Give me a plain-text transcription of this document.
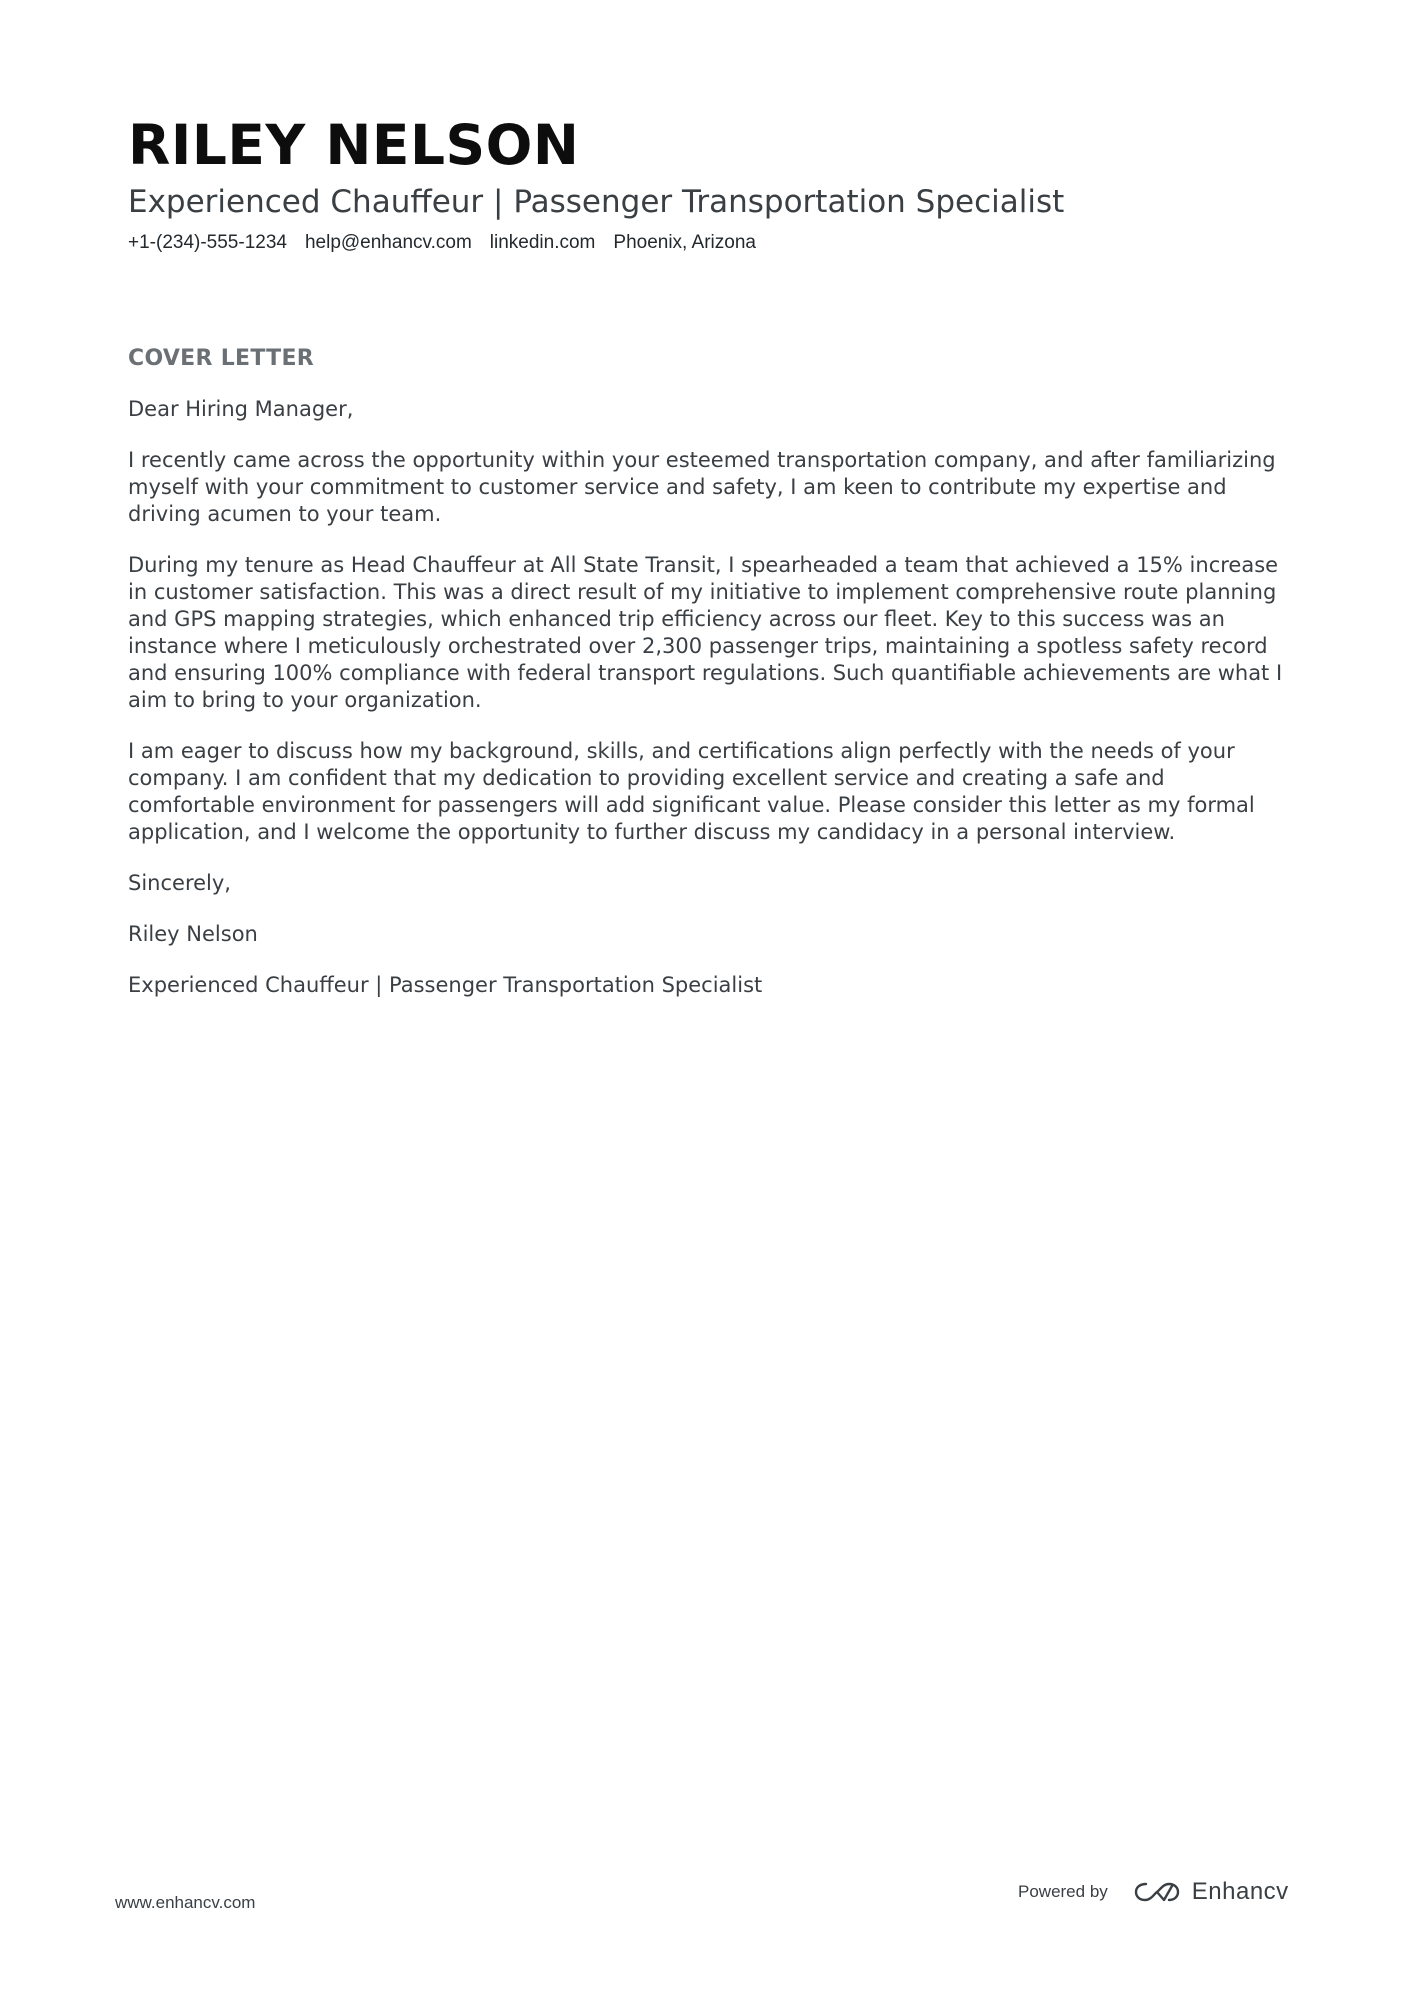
RILEY NELSON

Experienced Chauffeur | Passenger Transportation Specialist

+1-(234)-555-1234 help@enhancv.com linkedin.com Phoenix, Arizona
COVER LETTER

Dear Hiring Manager,

I recently came across the opportunity within your esteemed transportation company, and after familiarizing myself with your commitment to customer service and safety, I am keen to contribute my expertise and driving acumen to your team.

During my tenure as Head Chauffeur at All State Transit, I spearheaded a team that achieved a 15% increase in customer satisfaction. This was a direct result of my initiative to implement comprehensive route planning and GPS mapping strategies, which enhanced trip efficiency across our fleet. Key to this success was an instance where I meticulously orchestrated over 2,300 passenger trips, maintaining a spotless safety record and ensuring 100% compliance with federal transport regulations. Such quantifiable achievements are what I aim to bring to your organization.

I am eager to discuss how my background, skills, and certifications align perfectly with the needs of your company. I am confident that my dedication to providing excellent service and creating a safe and comfortable environment for passengers will add significant value. Please consider this letter as my formal application, and I welcome the opportunity to further discuss my candidacy in a personal interview.

Sincerely,

Riley Nelson

Experienced Chauffeur | Passenger Transportation Specialist

www.enhancv.com
Powered by	Enhancv
